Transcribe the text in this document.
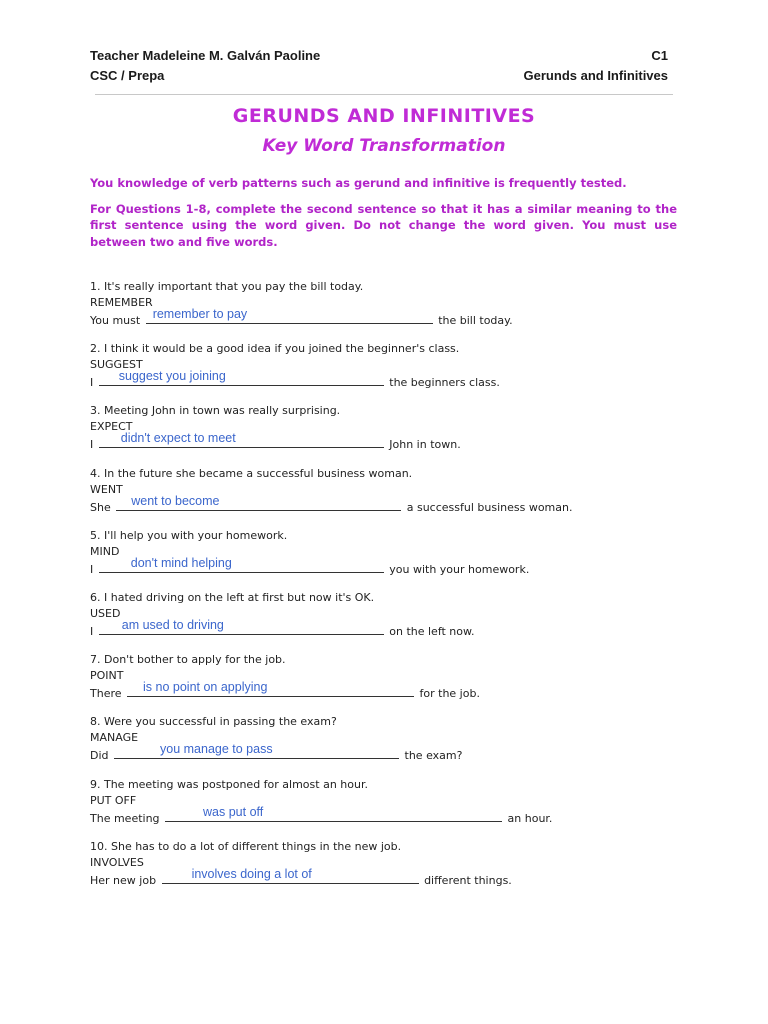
Teacher Madeleine M. Galván Paoline	C1
CSC / Prepa	Gerunds and Infinitives
GERUNDS AND INFINITIVES
Key Word Transformation

You knowledge of verb patterns such as gerund and infinitive is frequently tested.

For Questions 1-8, complete the second sentence so that it has a similar meaning to the first sentence using the word given. Do not change the word given. You must use between two and five words.

1. It's really important that you pay the bill today.
REMEMBER
You must remember to pay	the bill today.
2. I think it would be a good idea if you joined the beginner's class.
SUGGEST
I suggest you joining	the beginners class.
3. Meeting John in town was really surprising.
EXPECT
I didn't expect to meet	John in town.
4. In the future she became a successful business woman.
WENT
She went to become	a successful business woman.
5. I'll help you with your homework.
MIND
I	don't mind helping	you with your homework.
6. I hated driving on the left at first but now it's OK.
USED
I am used to driving	on the left now.
7. Don't bother to apply for the job.
POINT
There is no point on applying	for the job.
8. Were you successful in passing the exam?
MANAGE
Did	you manage to pass	the exam?
9. The meeting was postponed for almost an hour.
PUT OFF
The meeting	was put off	an hour.
10. She has to do a lot of different things in the new job.
INVOLVES
Her new job	involves doing a lot of	different things.
